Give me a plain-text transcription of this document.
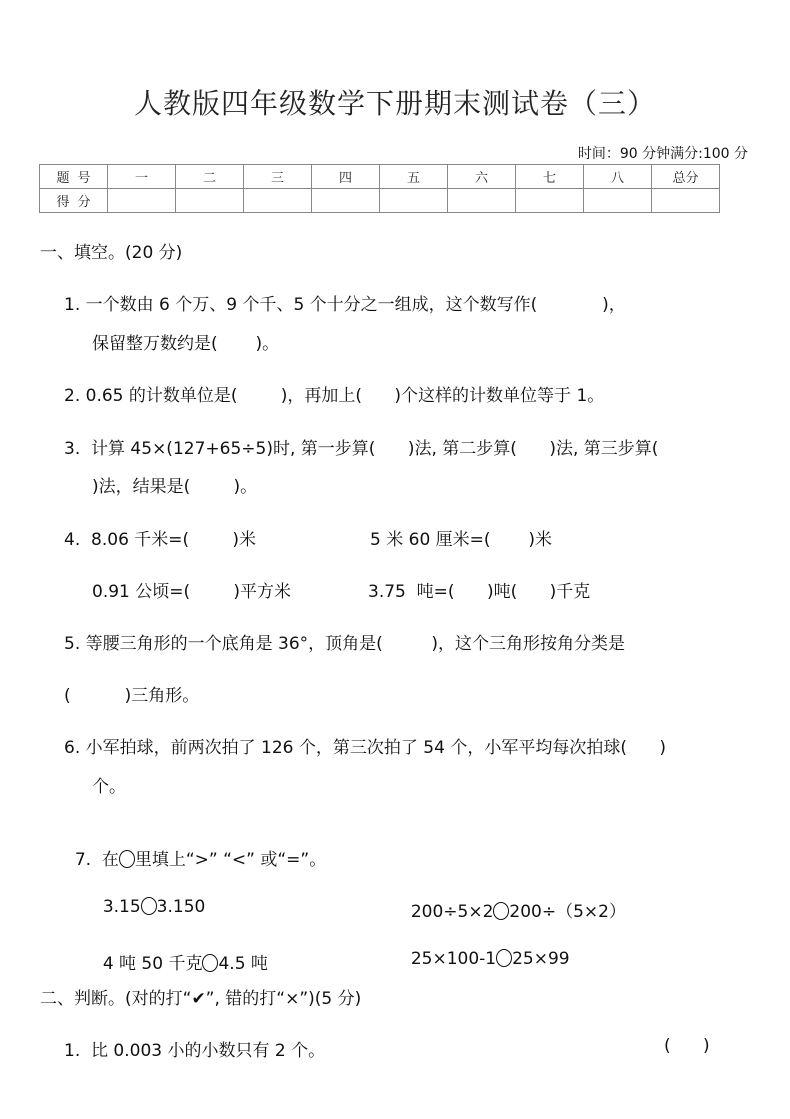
人教版四年级数学下册期末测试卷（三）
时间：90 分钟满分:100 分
题号	一	二	三	四	五	六	七	八	总分
得分									
一、填空。(20 分)
1. 一个数由 6 个万、9 个千、5 个十分之一组成，这个数写作(            )，
保留整万数约是(       )。
2. 0.65 的计数单位是(        )，再加上(      )个这样的计数单位等于 1。
3.  计算 45×(127+65÷5)时, 第一步算(      )法, 第二步算(      )法, 第三步算(
)法，结果是(        )。
4.  8.06 千米=(        )米	5 米 60 厘米=(       )米
0.91 公顷=(        )平方米	3.75  吨=(      )吨(      )千克
5. 等腰三角形的一个底角是 36°，顶角是(         )，这个三角形按角分类是
(          )三角形。
6. 小军拍球，前两次拍了 126 个，第三次拍了 54 个，小军平均每次拍球(      )
个。

7.  在 里填上“>” “<” 或“=”。

3.15 3.150	200÷5×2 200÷（5×2）

4 吨 50 千克 4.5 吨	25×100-1 25×99

二、判断。(对的打“✔”, 错的打“×”)(5 分)
1.  比 0.003 小的小数只有 2 个。	(      )
